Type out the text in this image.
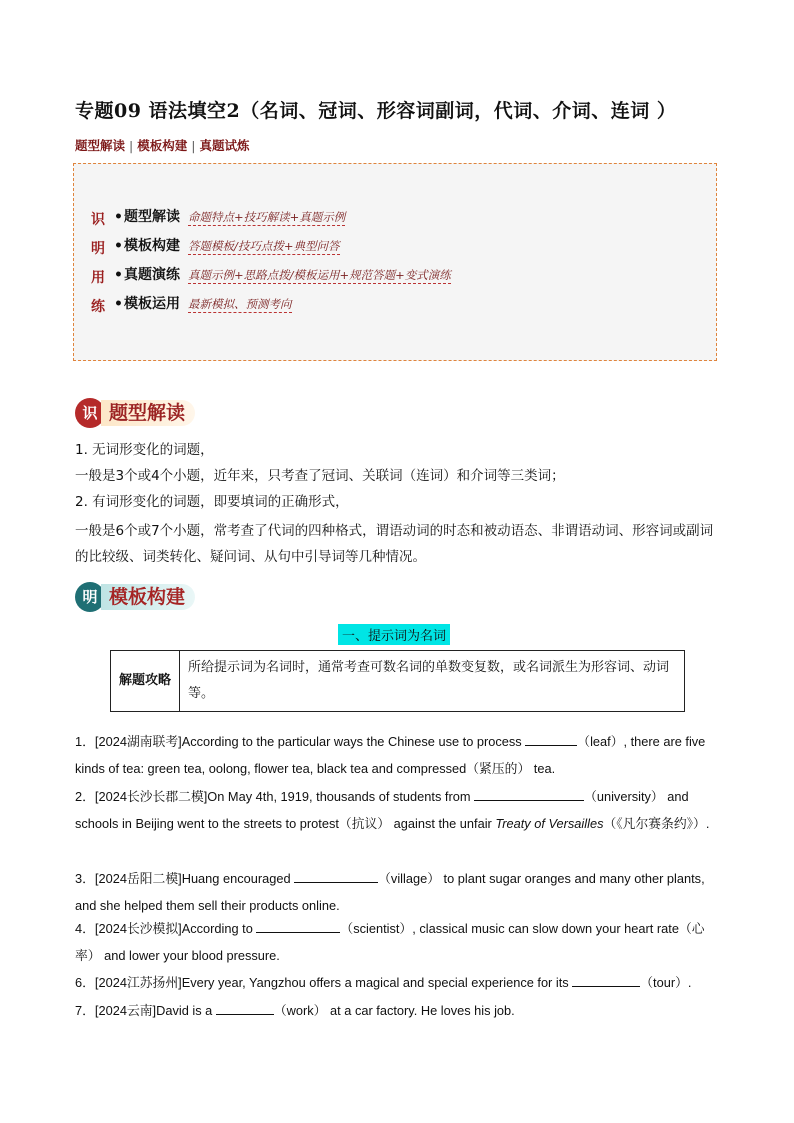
专题09 语法填空2（名词、冠词、形容词副词，代词、介词、连词 ）
题型解读 | 模板构建 | 真题试炼
识
明
用
练
•题型解读 命题特点+技巧解读+真题示例
•模板构建 答题模板/技巧点拨+典型问答
•真题演练 真题示例+思路点拨/模板运用+规范答题+变式演练
•模板运用 最新模拟、预测考向
识 题型解读
1. 无词形变化的词题，
一般是3个或4个小题，近年来，只考查了冠词、关联词（连词）和介词等三类词；
2. 有词形变化的词题，即要填词的正确形式，
一般是6个或7个小题，常考查了代词的四种格式，谓语动词的时态和被动语态、非谓语动词、形容词或副词的比较级、词类转化、疑问词、从句中引导词等几种情况。
明 模板构建
一、提示词为名词
解题攻略	所给提示词为名词时，通常考查可数名词的单数变复数，或名词派生为形容词、动词等。
1．[2024湖南联考]According to the particular ways the Chinese use to process	（leaf）, there are five kinds of tea: green tea, oolong, flower tea, black tea and compressed（紧压的） tea.
2．[2024长沙长郡二模]On May 4th, 1919, thousands of students from	（university） and schools in Beijing went to the streets to protest（抗议） against the unfair Treaty of Versailles（《凡尔赛条约》）.
3．[2024岳阳二模]Huang encouraged	（village） to plant sugar oranges and many other plants, and she helped them sell their products online.
4．[2024长沙模拟]According to	（scientist）, classical music can slow down your heart rate（心率） and lower your blood pressure.
6．[2024江苏扬州]Every year, Yangzhou offers a magical and special experience for its	（tour）.
7．[2024云南]David is a	（work） at a car factory. He loves his job.
